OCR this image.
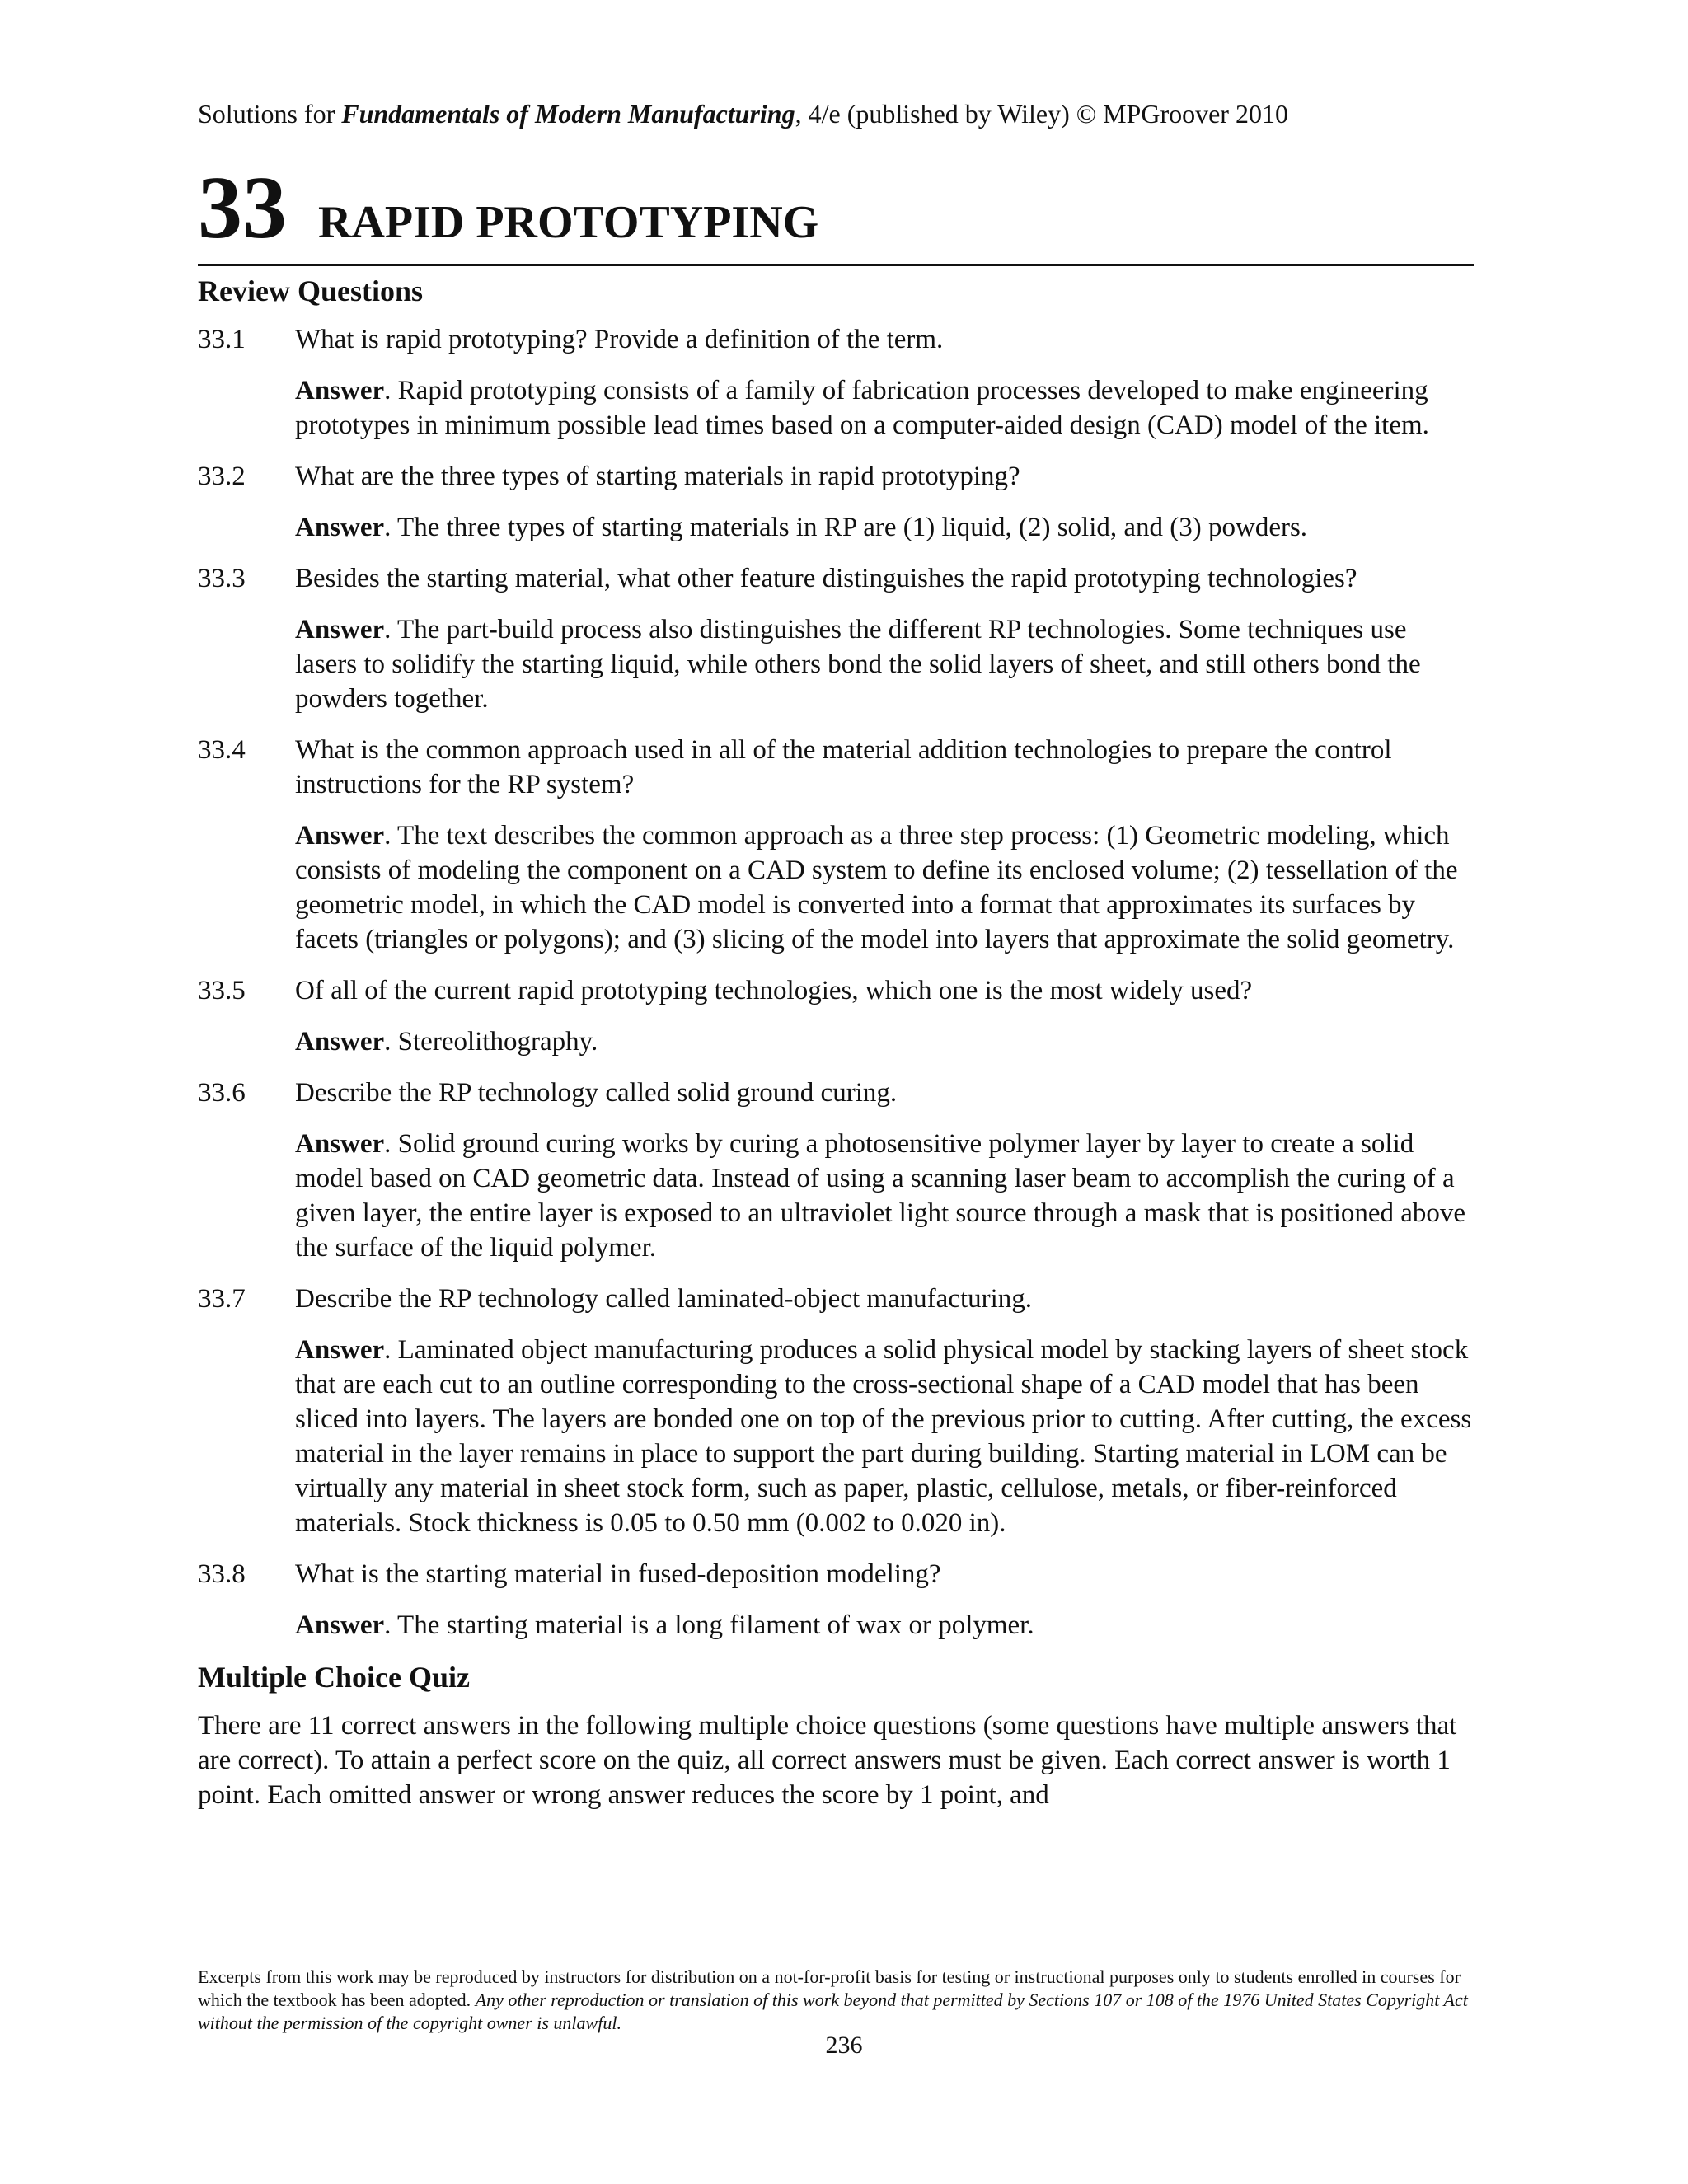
Solutions for Fundamentals of Modern Manufacturing, 4/e (published by Wiley) © MPGroover 2010

33 RAPID PROTOTYPING
Review Questions
33.1 What is rapid prototyping? Provide a definition of the term.
Answer. Rapid prototyping consists of a family of fabrication processes developed to make engineering prototypes in minimum possible lead times based on a computer-aided design (CAD) model of the item.
33.2 What are the three types of starting materials in rapid prototyping?
Answer. The three types of starting materials in RP are (1) liquid, (2) solid, and (3) powders.
33.3 Besides the starting material, what other feature distinguishes the rapid prototyping technologies?
Answer. The part-build process also distinguishes the different RP technologies. Some techniques use lasers to solidify the starting liquid, while others bond the solid layers of sheet, and still others bond the powders together.
33.4 What is the common approach used in all of the material addition technologies to prepare the control instructions for the RP system?
Answer. The text describes the common approach as a three step process: (1) Geometric modeling, which consists of modeling the component on a CAD system to define its enclosed volume; (2) tessellation of the geometric model, in which the CAD model is converted into a format that approximates its surfaces by facets (triangles or polygons); and (3) slicing of the model into layers that approximate the solid geometry.
33.5 Of all of the current rapid prototyping technologies, which one is the most widely used?
Answer. Stereolithography.
33.6 Describe the RP technology called solid ground curing.
Answer. Solid ground curing works by curing a photosensitive polymer layer by layer to create a solid model based on CAD geometric data. Instead of using a scanning laser beam to accomplish the curing of a given layer, the entire layer is exposed to an ultraviolet light source through a mask that is positioned above the surface of the liquid polymer.
33.7 Describe the RP technology called laminated-object manufacturing.
Answer. Laminated object manufacturing produces a solid physical model by stacking layers of sheet stock that are each cut to an outline corresponding to the cross-sectional shape of a CAD model that has been sliced into layers. The layers are bonded one on top of the previous prior to cutting. After cutting, the excess material in the layer remains in place to support the part during building. Starting material in LOM can be virtually any material in sheet stock form, such as paper, plastic, cellulose, metals, or fiber-reinforced materials. Stock thickness is 0.05 to 0.50 mm (0.002 to 0.020 in).
33.8 What is the starting material in fused-deposition modeling?
Answer. The starting material is a long filament of wax or polymer.
Multiple Choice Quiz

There are 11 correct answers in the following multiple choice questions (some questions have multiple answers that are correct). To attain a perfect score on the quiz, all correct answers must be given. Each correct answer is worth 1 point. Each omitted answer or wrong answer reduces the score by 1 point, and

Excerpts from this work may be reproduced by instructors for distribution on a not-for-profit basis for testing or instructional purposes only to students enrolled in courses for which the textbook has been adopted. Any other reproduction or translation of this work beyond that permitted by Sections 107 or 108 of the 1976 United States Copyright Act without the permission of the copyright owner is unlawful.
236
